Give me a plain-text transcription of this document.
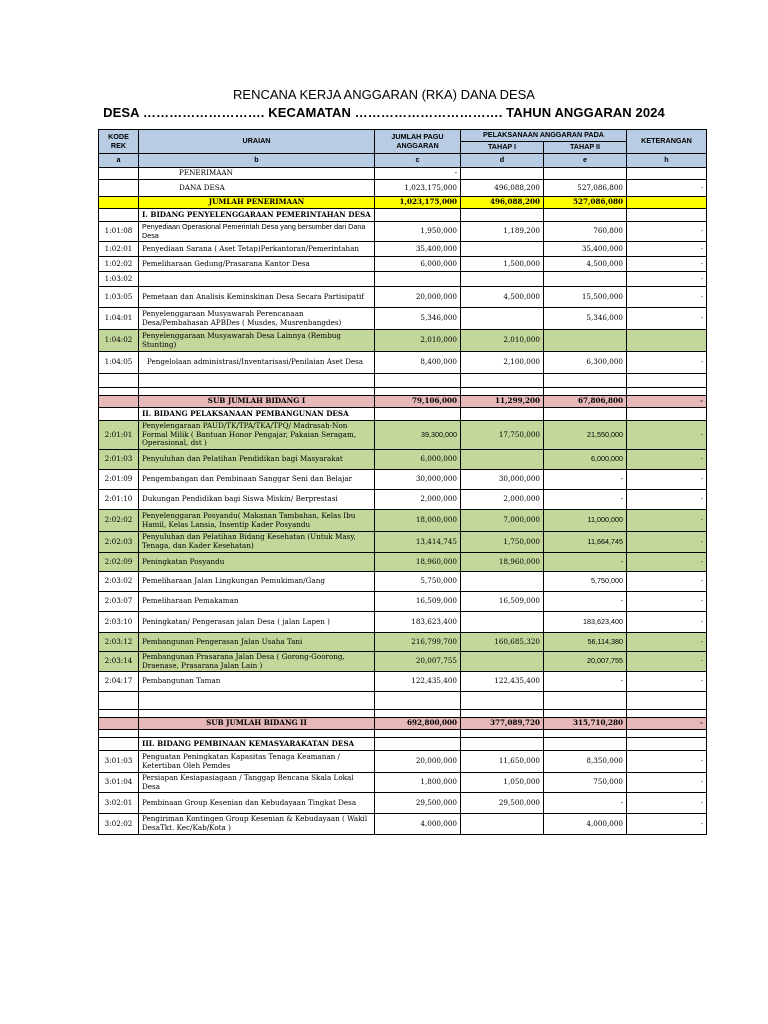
RENCANA KERJA ANGGARAN (RKA) DANA DESA
DESA ………………………. KECAMATAN ……………………………. TAHUN ANGGARAN 2024
KODE REK	URAIAN	JUMLAH PAGU ANGGARAN	PELAKSANAAN ANGGARAN PADA		KETERANGAN
			TAHAP I	TAHAP II	
a	b	c	d	e	h
	PENERIMAAN	-			
	DANA DESA	1,023,175,000	496,088,200	527,086,800	-
	JUMLAH PENERIMAAN	1,023,175,000	496,088,200	527,086,080	
	I. BIDANG PENYELENGGARAAN PEMERINTAHAN DESA				
1:01:08	Penyediaan Operasional Pemerintah Desa yang bersumber dari Dana Desa	1,950,000	1,189,200	760,800	-
1:02:01	Penyediaan Sarana ( Aset Tetap)Perkantoran/Pemerintahan	35,400,000		35,400,000	-
1:02:02	Pemeliharaan Gedung/Prasarana Kantor Desa	6,000,000	1,500,000	4,500,000	-
1:03:02					-
1:03:05	Pemetaan dan Analisis Keminskinan Desa Secara Partisipatif	20,000,000	4,500,000	15,500,000	-
1:04:01	Penyelenggaraan Musyawarah Perencanaan Desa/Pembahasan APBDes ( Musdes, Musrenbangdes)	5,346,000		5,346,000	-
1:04:02	Penyelenggaraan Musyawarah Desa Lainnya (Rembug Stunting)	2,010,000	2,010,000		
1:04:05	Pengelolaan administrasi/Inventarisasi/Penilaian Aset Desa	8,400,000	2,100,000	6,300,000	-

	SUB JUMLAH BIDANG I	79,106,000	11,299,200	67,806,800	-
	II. BIDANG PELAKSANAAN PEMBANGUNAN DESA				
2:01:01	Penyelengaraan PAUD/TK/TPA/TKA/TPQ/ Madrasah-Non Formal Milik ( Bantuan Honor Pengajar, Pakaian Seragam, Operasional, dst )	39,300,000	17,750,000	21,550,000	-
2:01:03	Penyuluhan dan Pelatihan Pendidikan bagi Masyarakat	6,000,000		6,000,000	-
2:01:09	Pengembangan dan Pembinaan Sanggar Seni dan Belajar	30,000,000	30,000,000	-	-
2:01:10	Dukungan Pendidikan bagi Siswa Miskin/ Berprestasi	2,000,000	2,000,000	-	-
2:02:02	Penyelenggaran Posyandu( Makanan Tambahan, Kelas Ibu Hamil, Kelas Lansia, Insentip Kader Posyandu	18,000,000	7,000,000	11,000,000	-
2:02:03	Penyuluhan dan Pelatihan Bidang Kesehatan (Untuk Masy, Tenaga, dan Kader Kesehatan)	13,414,745	1,750,000	11,664,745	-
2:02:09	Peningkatan Posyandu	18,960,000	18,960,000	-	-
2:03:02	Pemeliharaan Jalan Lingkungan Pemukiman/Gang	5,750,000		5,750,000	-
2:03:07	Pemeliharaan Pemakaman	16,509,000	16,509,000	-	-
2:03:10	Peningkatan/ Pengerasan jalan Desa ( jalan Lapen )	183,623,400		183,623,400	-
2:03:12	Pembangunan Pengerasan Jalan Usaha Tani	216,799,700	160,685,320	56,114,380	-
2:03:14	Pembangunan Prasarana Jalan Desa ( Gorong-Goorong, Draenase, Prasarana Jalan Lain )	20,007,755		20,007,755	-
2:04:17	Pembangunan Taman	122,435,400	122,435,400	-	-

	SUB JUMLAH BIDANG II	692,800,000	377,089,720	315,710,280	-

	III. BIDANG PEMBINAAN KEMASYARAKATAN DESA				
3:01:03	Penguatan Peningkatan Kapasitas Tenaga Keamanan / Ketertiban Oleh Pemdes	20,000,000	11,650,000	8,350,000	-
3:01:04	Persiapan Kesiapasiagaan / Tanggap Bencana Skala Lokal Desa	1,800,000	1,050,000	750,000	-
3:02:01	Pembinaan Group Kesenian dan Kebudayaan Tingkat Desa	29,500,000	29,500,000	-	-
3:02:02	Pengiriman Kontingen Group Kesenian & Kebudayaan ( Wakil DesaTkt. Kec/Kab/Kota )	4,000,000		4,000,000	-
